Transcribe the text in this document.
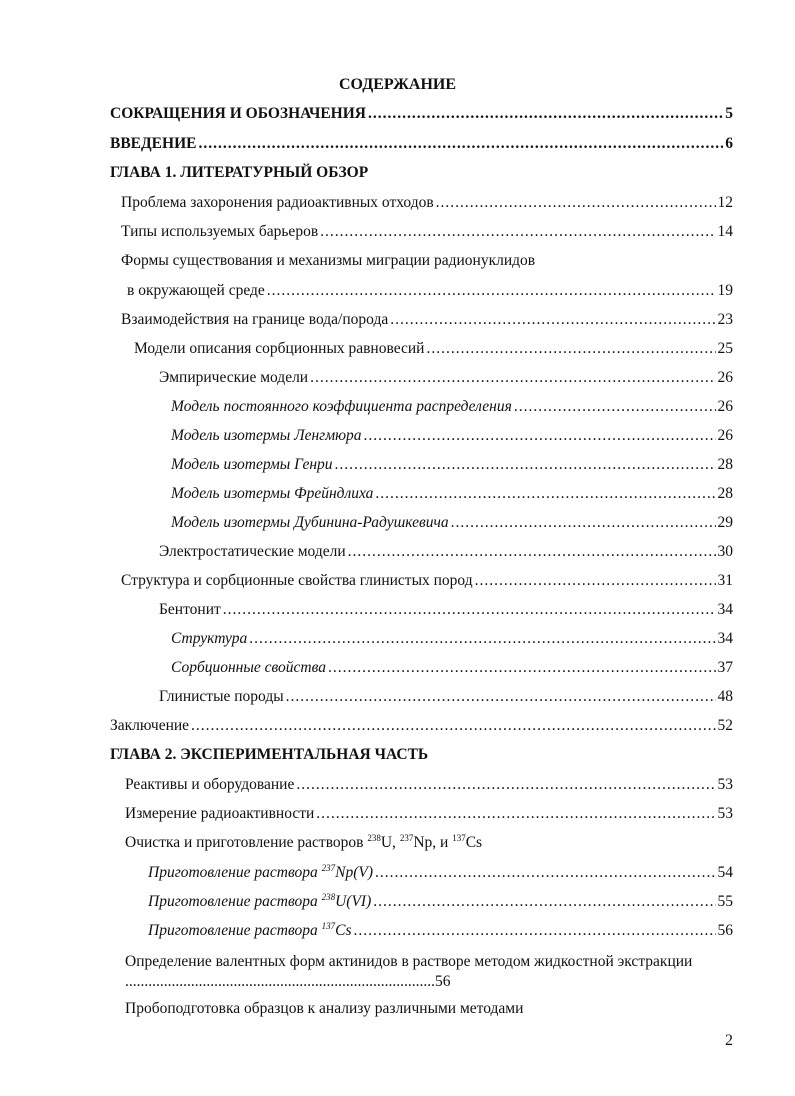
СОДЕРЖАНИЕ
СОКРАЩЕНИЯ И ОБОЗНАЧЕНИЯ .....	5
ВВЕДЕНИЕ .....	6
ГЛАВА 1. ЛИТЕРАТУРНЫЙ ОБЗОР
Проблема захоронения радиоактивных отходов .....	12
Типы используемых барьеров .....	14
Формы существования и механизмы миграции радионуклидов
в окружающей среде .....	19
Взаимодействия на границе вода/порода .....	23
Модели описания сорбционных равновесий .....	25
Эмпирические модели .....	26
Модель постоянного коэффициента распределения .....	26
Модель изотермы Ленгмюра .....	26
Модель изотермы Генри .....	28
Модель изотермы Фрейндлиха .....	28
Модель изотермы Дубинина-Радушкевича .....	29
Электростатические модели .....	30
Структура и сорбционные свойства глинистых пород .....	31
Бентонит .....	34
Структура .....	34
Сорбционные свойства .....	37
Глинистые породы .....	48
Заключение .....	52
ГЛАВА 2. ЭКСПЕРИМЕНТАЛЬНАЯ ЧАСТЬ
Реактивы и оборудование .....	53
Измерение радиоактивности .....	53
Очистка и приготовление растворов $^{238}$U, $^{237}$Np, и $^{137}$Cs
Приготовление раствора $^{237}$Np(V) .....	54
Приготовление раствора $^{238}$U(VI) .....	55
Приготовление раствора $^{137}$Cs .....	56
Определение валентных форм актинидов в растворе методом жидкостной экстракции ................................................................................56
Пробоподготовка образцов к анализу различными методами
2
